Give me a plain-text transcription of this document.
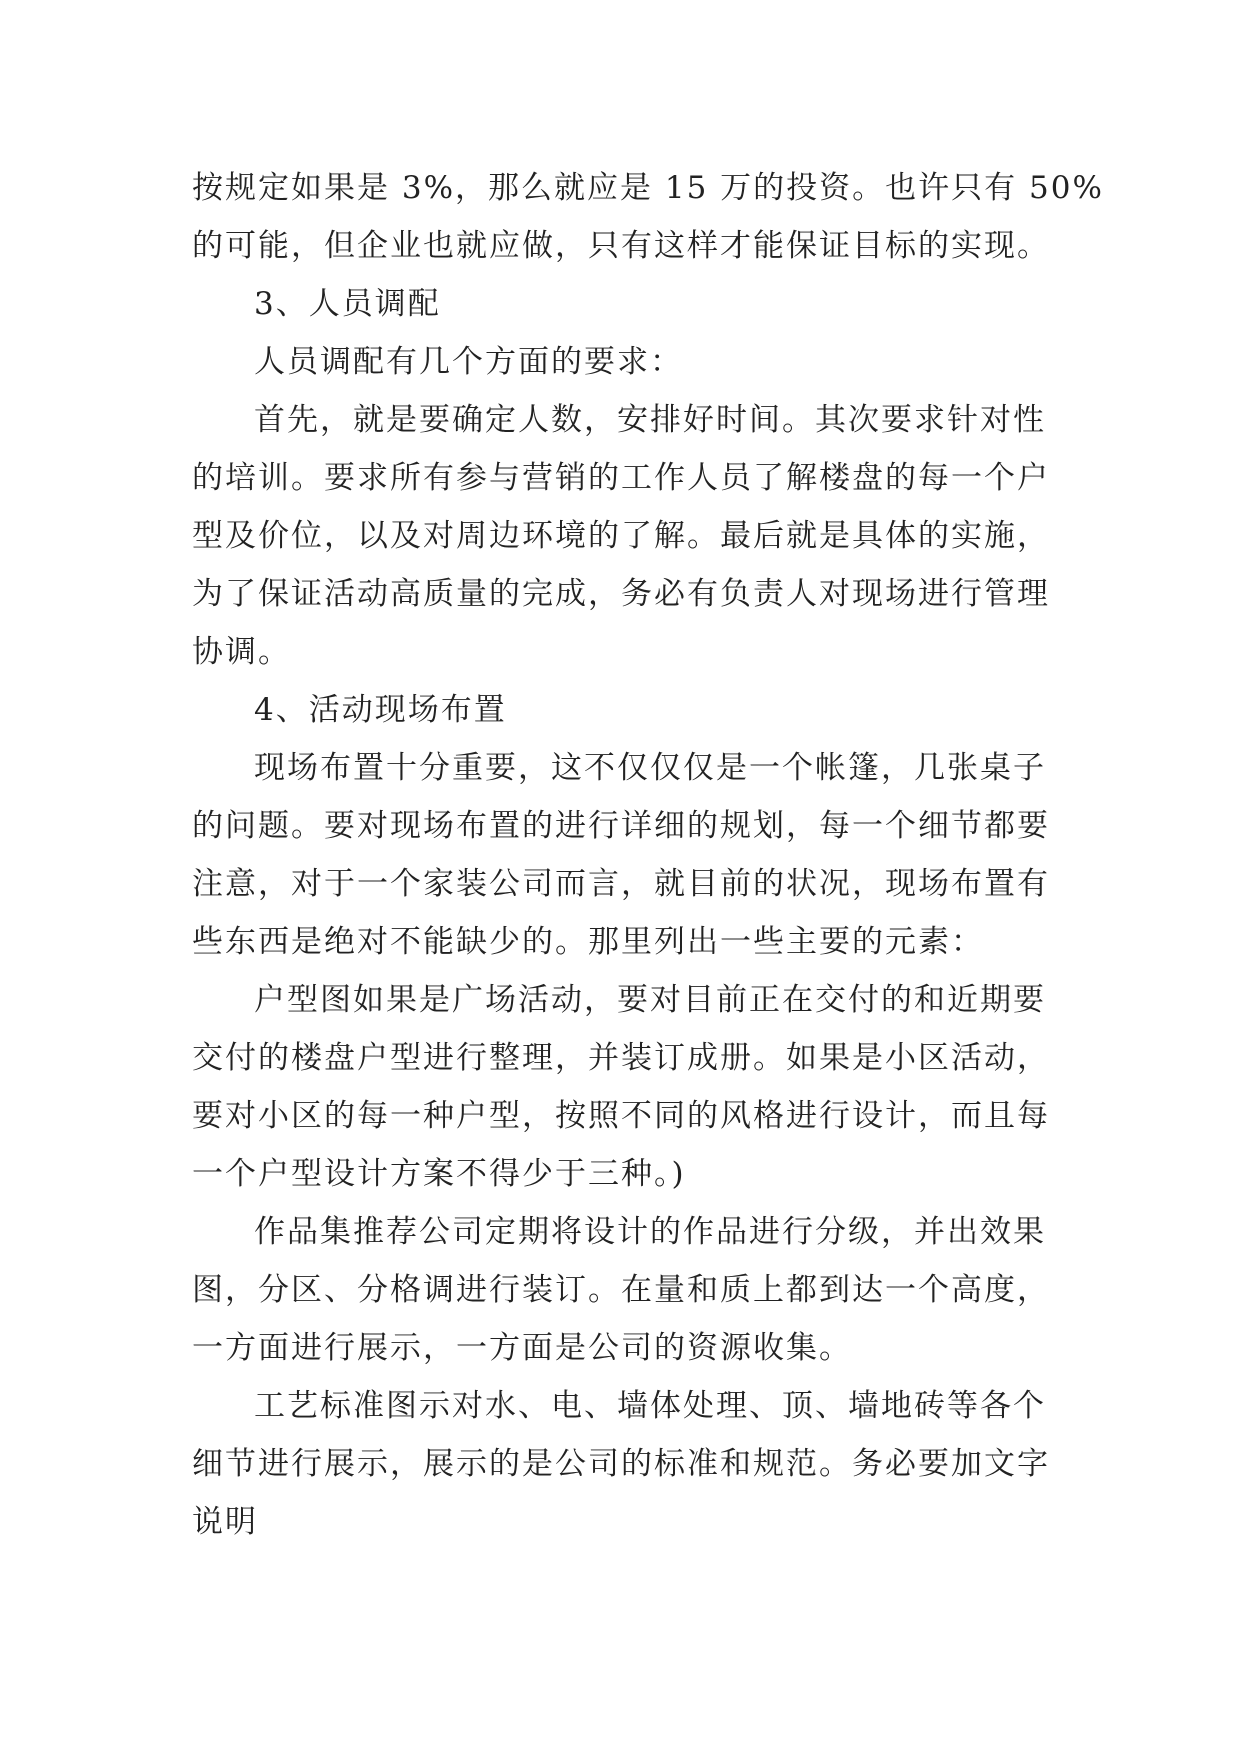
按规定如果是 3%，那么就应是 15 万的投资。也许只有 50%
的可能，但企业也就应做，只有这样才能保证目标的实现。
3、人员调配
人员调配有几个方面的要求：
首先，就是要确定人数，安排好时间。其次要求针对性
的培训。要求所有参与营销的工作人员了解楼盘的每一个户
型及价位，以及对周边环境的了解。最后就是具体的实施，
为了保证活动高质量的完成，务必有负责人对现场进行管理
协调。
4、活动现场布置
现场布置十分重要，这不仅仅仅是一个帐篷，几张桌子
的问题。要对现场布置的进行详细的规划，每一个细节都要
注意，对于一个家装公司而言，就目前的状况，现场布置有
些东西是绝对不能缺少的。那里列出一些主要的元素：
户型图如果是广场活动，要对目前正在交付的和近期要
交付的楼盘户型进行整理，并装订成册。如果是小区活动，
要对小区的每一种户型，按照不同的风格进行设计，而且每
一个户型设计方案不得少于三种。)
作品集推荐公司定期将设计的作品进行分级，并出效果
图，分区、分格调进行装订。在量和质上都到达一个高度，
一方面进行展示，一方面是公司的资源收集。
工艺标准图示对水、电、墙体处理、顶、墙地砖等各个
细节进行展示，展示的是公司的标准和规范。务必要加文字
说明
